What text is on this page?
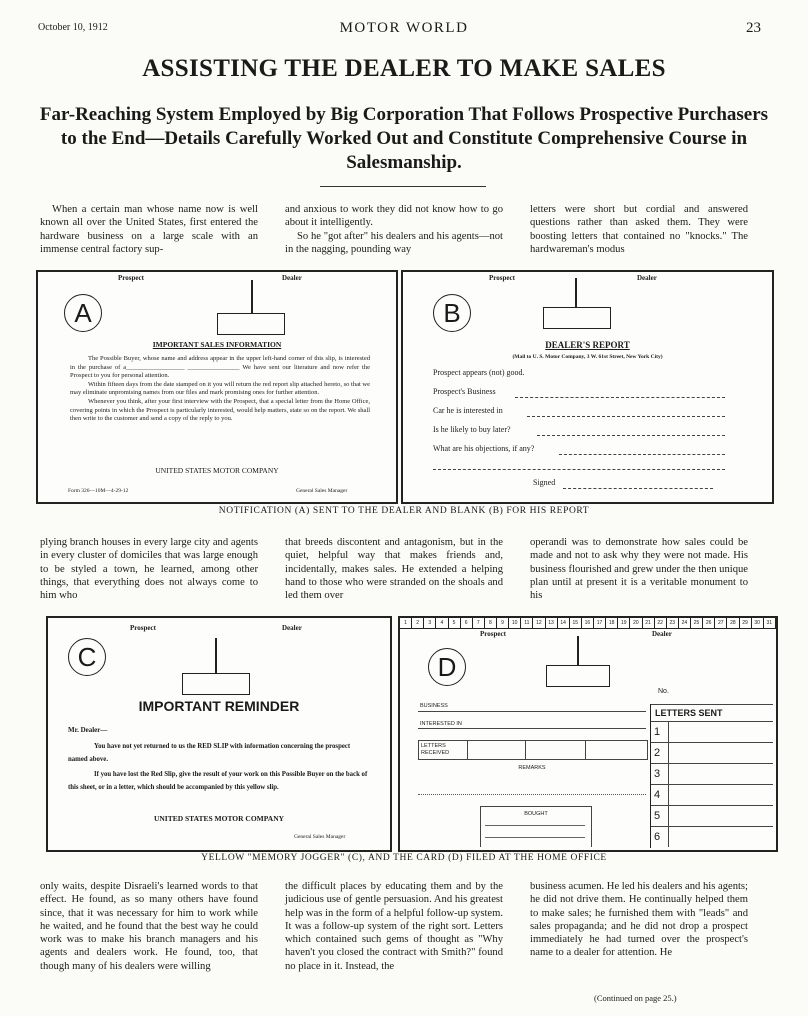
October 10, 1912	MOTOR WORLD	23
ASSISTING THE DEALER TO MAKE SALES
Far-Reaching System Employed by Big Corporation That Follows Prospective Purchasers to the End—Details Carefully Worked Out and Constitute Comprehensive Course in Salesmanship.

When a certain man whose name now is well known all over the United States, first entered the hardware business on a large scale with an immense central factory sup-

and anxious to work they did not know how to go about it intelligently.

So he "got after" his dealers and his agents—not in the nagging, pounding way

letters were short but cordial and answered questions rather than asked them. They were boosting letters that contained no "knocks." The hardwareman's modus

Prospect	Dealer
A
IMPORTANT SALES INFORMATION
The Possible Buyer, whose name and address appear in the upper left-hand corner of this slip, is interested in the purchase of a__________________ ________________ We have sent our literature and now refer the Prospect to you for personal attention.
Within fifteen days from the date stamped on it you will return the red report slip attached hereto, so that we may eliminate unpromising names from our files and mark promising ones for further attention.
Whenever you think, after your first interview with the Prospect, that a special letter from the Home Office, covering points in which the Prospect is particularly interested, would help matters, state so on the report. We shall then write to the customer and send a copy of the reply to you.
UNITED STATES MOTOR COMPANY
Form 326—10M—4-29-12	General Sales Manager
Prospect	Dealer
B
DEALER'S REPORT
(Mail to U. S. Motor Company, 3 W. 61st Street, New York City)
Prospect appears (not) good.
Prospect's Business
Car he is interested in
Is he likely to buy later?
What are his objections, if any?
Signed
NOTIFICATION (A) SENT TO THE DEALER AND BLANK (B) FOR HIS REPORT

plying branch houses in every large city and agents in every cluster of domiciles that was large enough to be styled a town, he learned, among other things, that everything does not always come to him who

that breeds discontent and antagonism, but in the quiet, helpful way that makes friends and, incidentally, makes sales. He extended a helping hand to those who were stranded on the shoals and led them over

operandi was to demonstrate how sales could be made and not to ask why they were not made. His business flourished and grew under the then unique plan until at present it is a veritable monument to his

Prospect	Dealer
C
IMPORTANT REMINDER
Mr. Dealer—
You have not yet returned to us the RED SLIP with information concerning the prospect named above.
If you have lost the Red Slip, give the result of your work on this Possible Buyer on the back of this sheet, or in a letter, which should be accompanied by this yellow slip.
UNITED STATES MOTOR COMPANY
General Sales Manager
1	2	3	4	5	6	7	8	9	10	11	12	13	14	15	16	17	18	19	20	21	22	23	24	25	26	27	28	29	30	31
Prospect	Dealer
D
No.
BUSINESS
INTERESTED IN
LETTERS RECEIVED
REMARKS
BOUGHT
LETTERS SENT
1
2
3
4
5
6
YELLOW "MEMORY JOGGER" (C), AND THE CARD (D) FILED AT THE HOME OFFICE

only waits, despite Disraeli's learned words to that effect. He found, as so many others have found since, that it was necessary for him to work while he waited, and he found that the best way he could work was to make his branch managers and his agents and dealers work. He found, too, that though many of his dealers were willing

the difficult places by educating them and by the judicious use of gentle persuasion. And his greatest help was in the form of a helpful follow-up system. It was a follow-up system of the right sort. Letters which contained such gems of thought as "Why haven't you closed the contract with Smith?" found no place in it. Instead, the

business acumen. He led his dealers and his agents; he did not drive them. He continually helped them to make sales; he furnished them with "leads" and sales propaganda; and he did not drop a prospect immediately he had turned over the prospect's name to a dealer for attention. He

(Continued on page 25.)
